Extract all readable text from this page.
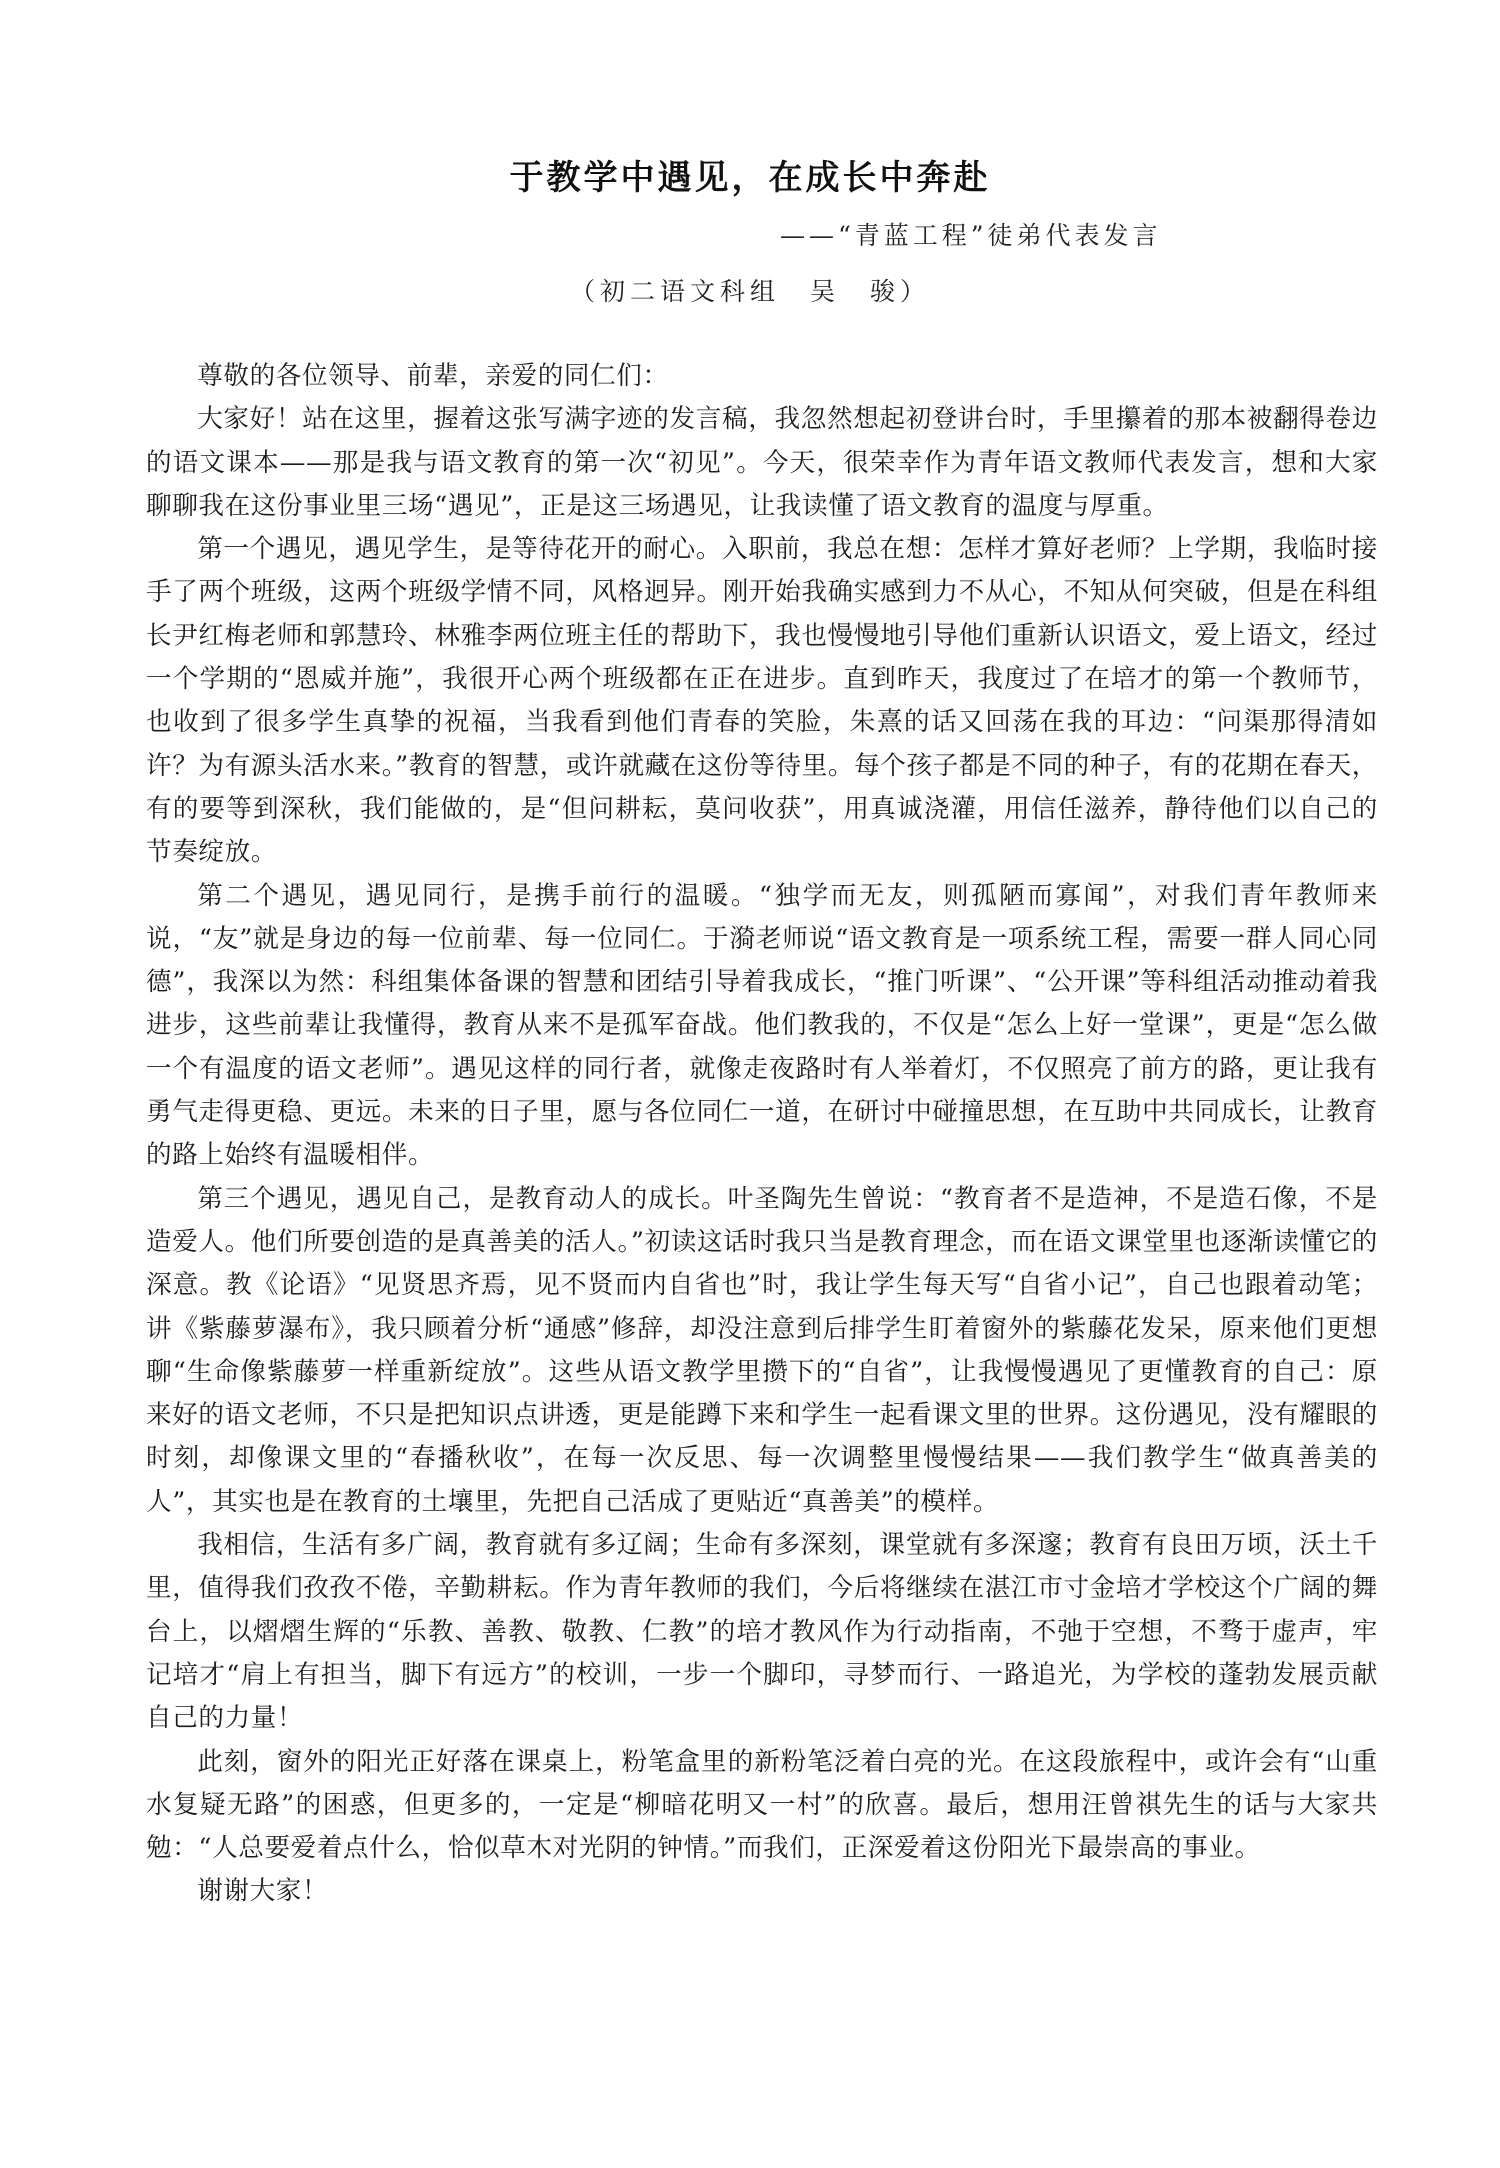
于教学中遇见，在成长中奔赴
——“青蓝工程”徒弟代表发言
（初二语文科组　吴　骏）

尊敬的各位领导、前辈，亲爱的同仁们：

大家好！站在这里，握着这张写满字迹的发言稿，我忽然想起初登讲台时，手里攥着的那本被翻得卷边的语文课本——那是我与语文教育的第一次“初见”。今天，很荣幸作为青年语文教师代表发言，想和大家聊聊我在这份事业里三场“遇见”，正是这三场遇见，让我读懂了语文教育的温度与厚重。

第一个遇见，遇见学生，是等待花开的耐心。入职前，我总在想：怎样才算好老师？上学期，我临时接手了两个班级，这两个班级学情不同，风格迥异。刚开始我确实感到力不从心，不知从何突破，但是在科组长尹红梅老师和郭慧玲、林雅李两位班主任的帮助下，我也慢慢地引导他们重新认识语文，爱上语文，经过一个学期的“恩威并施”，我很开心两个班级都在正在进步。直到昨天，我度过了在培才的第一个教师节，也收到了很多学生真挚的祝福，当我看到他们青春的笑脸，朱熹的话又回荡在我的耳边：“问渠那得清如许？为有源头活水来。”教育的智慧，或许就藏在这份等待里。每个孩子都是不同的种子，有的花期在春天，有的要等到深秋，我们能做的，是“但问耕耘，莫问收获”，用真诚浇灌，用信任滋养，静待他们以自己的节奏绽放。

第二个遇见，遇见同行，是携手前行的温暖。“独学而无友，则孤陋而寡闻”，对我们青年教师来说，“友”就是身边的每一位前辈、每一位同仁。于漪老师说“语文教育是一项系统工程，需要一群人同心同德”，我深以为然：科组集体备课的智慧和团结引导着我成长，“推门听课”、“公开课”等科组活动推动着我进步，这些前辈让我懂得，教育从来不是孤军奋战。他们教我的，不仅是“怎么上好一堂课”，更是“怎么做一个有温度的语文老师”。遇见这样的同行者，就像走夜路时有人举着灯，不仅照亮了前方的路，更让我有勇气走得更稳、更远。未来的日子里，愿与各位同仁一道，在研讨中碰撞思想，在互助中共同成长，让教育的路上始终有温暖相伴。

第三个遇见，遇见自己，是教育动人的成长。叶圣陶先生曾说：“教育者不是造神，不是造石像，不是造爱人。他们所要创造的是真善美的活人。”初读这话时我只当是教育理念，而在语文课堂里也逐渐读懂它的深意。教《论语》“见贤思齐焉，见不贤而内自省也”时，我让学生每天写“自省小记”，自己也跟着动笔；讲《紫藤萝瀑布》，我只顾着分析“通感”修辞，却没注意到后排学生盯着窗外的紫藤花发呆，原来他们更想聊“生命像紫藤萝一样重新绽放”。这些从语文教学里攒下的“自省”，让我慢慢遇见了更懂教育的自己：原来好的语文老师，不只是把知识点讲透，更是能蹲下来和学生一起看课文里的世界。这份遇见，没有耀眼的时刻，却像课文里的“春播秋收”，在每一次反思、每一次调整里慢慢结果——我们教学生“做真善美的人”，其实也是在教育的土壤里，先把自己活成了更贴近“真善美”的模样。

我相信，生活有多广阔，教育就有多辽阔；生命有多深刻，课堂就有多深邃；教育有良田万顷，沃土千里，值得我们孜孜不倦，辛勤耕耘。作为青年教师的我们，今后将继续在湛江市寸金培才学校这个广阔的舞台上，以熠熠生辉的“乐教、善教、敬教、仁教”的培才教风作为行动指南，不弛于空想，不骛于虚声，牢记培才“肩上有担当，脚下有远方”的校训，一步一个脚印，寻梦而行、一路追光，为学校的蓬勃发展贡献自己的力量！

此刻，窗外的阳光正好落在课桌上，粉笔盒里的新粉笔泛着白亮的光。在这段旅程中，或许会有“山重水复疑无路”的困惑，但更多的，一定是“柳暗花明又一村”的欣喜。最后，想用汪曾祺先生的话与大家共勉：“人总要爱着点什么，恰似草木对光阴的钟情。”而我们，正深爱着这份阳光下最崇高的事业。

谢谢大家！
